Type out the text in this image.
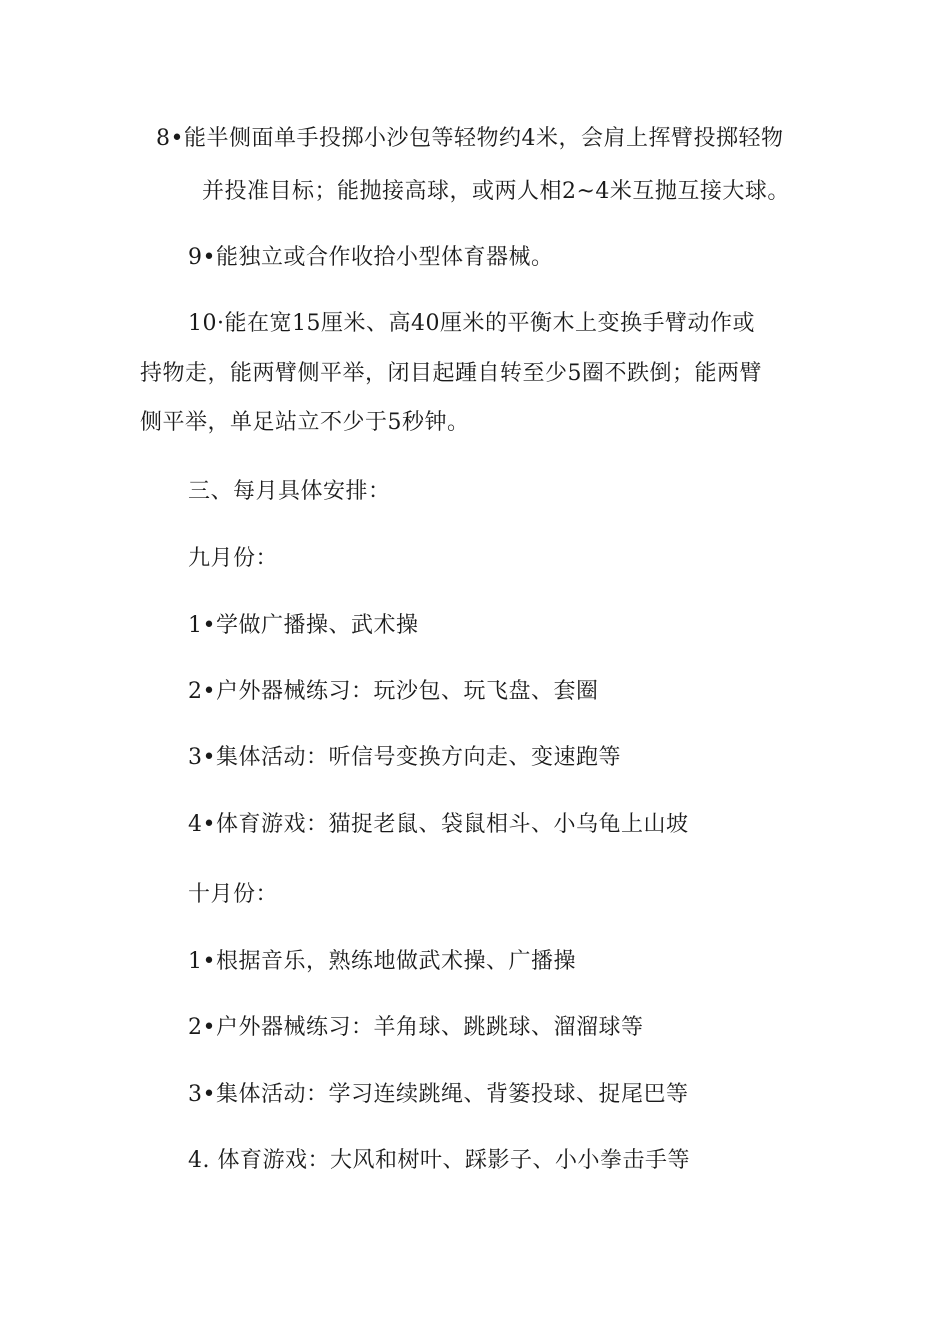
8•能半侧面单手投掷小沙包等轻物约4米，会肩上挥臂投掷轻物
并投准目标；能抛接高球，或两人相2~4米互抛互接大球。
9•能独立或合作收拾小型体育器械。
10·能在宽15厘米、高40厘米的平衡木上变换手臂动作或
持物走，能两臂侧平举，闭目起踵自转至少5圈不跌倒；能两臂
侧平举，单足站立不少于5秒钟。
三、每月具体安排：
九月份：
1•学做广播操、武术操
2•户外器械练习：玩沙包、玩飞盘、套圈
3•集体活动：听信号变换方向走、变速跑等
4•体育游戏：猫捉老鼠、袋鼠相斗、小乌龟上山坡
十月份：
1•根据音乐，熟练地做武术操、广播操
2•户外器械练习：羊角球、跳跳球、溜溜球等
3•集体活动：学习连续跳绳、背篓投球、捉尾巴等
4. 体育游戏：大风和树叶、踩影子、小小拳击手等
